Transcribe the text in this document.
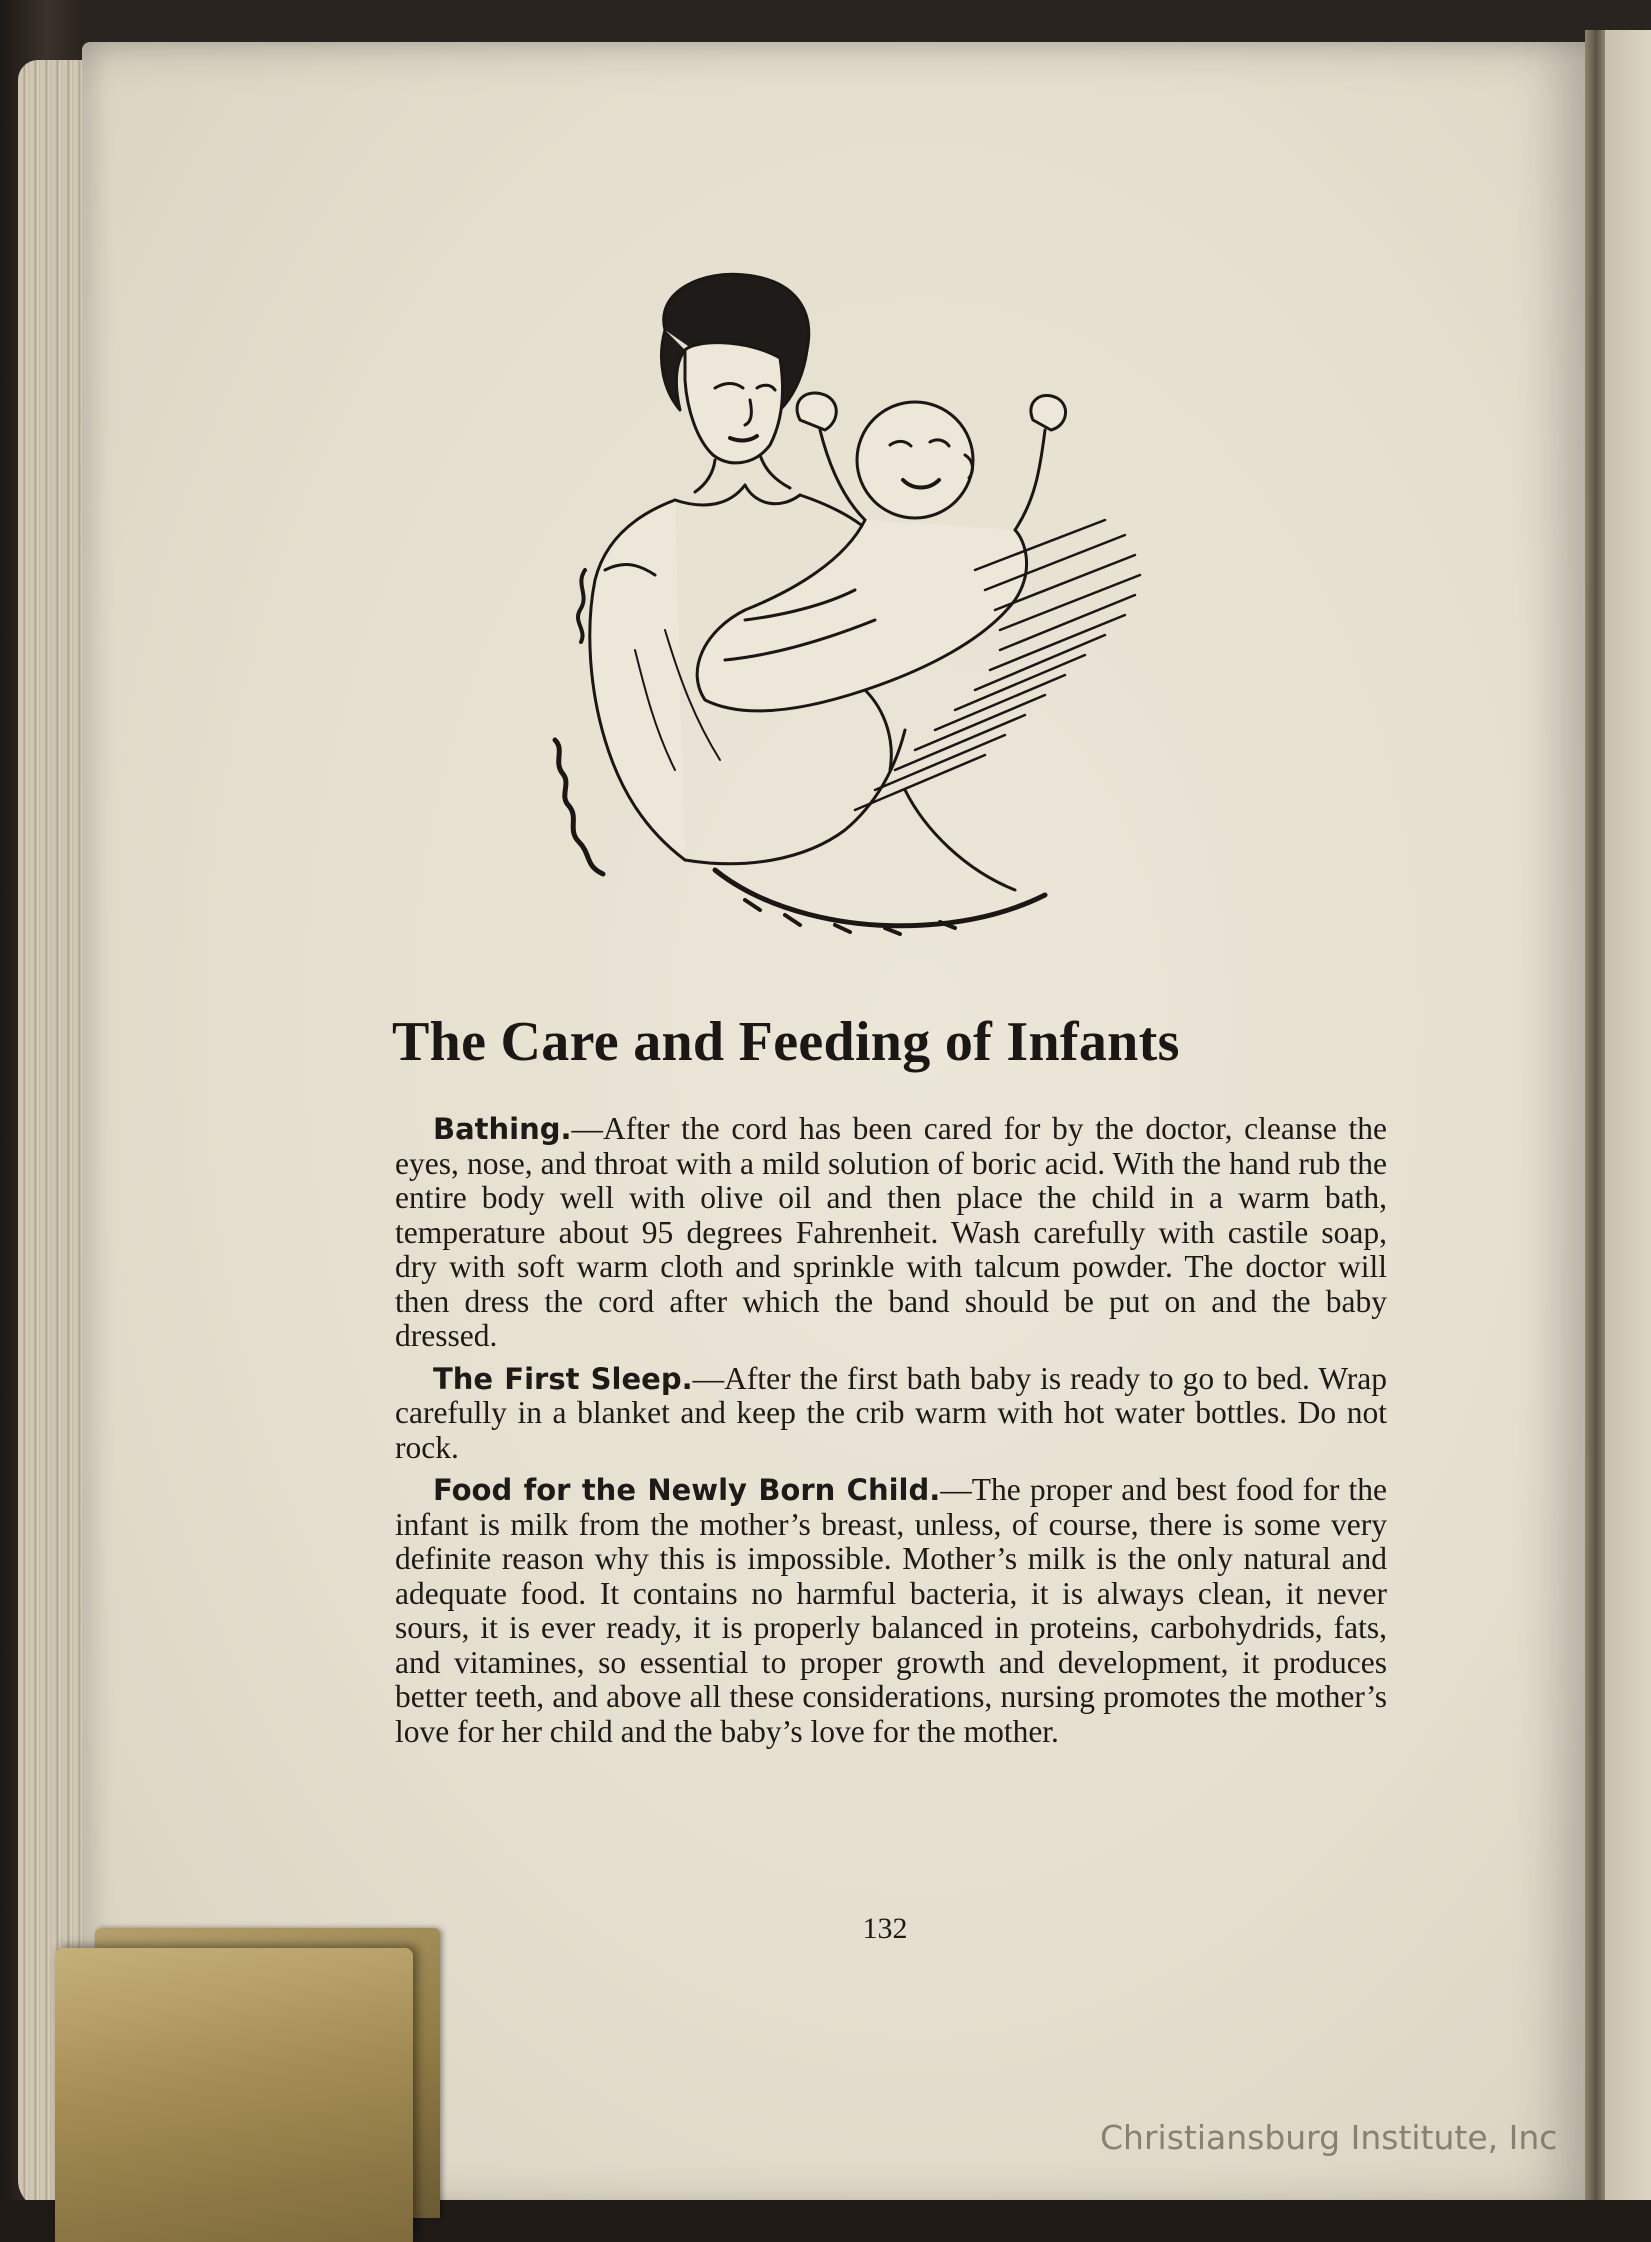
The Care and Feeding of Infants

Bathing.—After the cord has been cared for by the doctor, cleanse the eyes, nose, and throat with a mild solution of boric acid. With the hand rub the entire body well with olive oil and then place the child in a warm bath, temperature about 95 degrees Fahrenheit. Wash carefully with castile soap, dry with soft warm cloth and sprinkle with talcum powder. The doctor will then dress the cord after which the band should be put on and the baby dressed.

The First Sleep.—After the first bath baby is ready to go to bed. Wrap carefully in a blanket and keep the crib warm with hot water bottles. Do not rock.

Food for the Newly Born Child.—The proper and best food for the infant is milk from the mother’s breast, unless, of course, there is some very definite reason why this is impossible. Mother’s milk is the only natural and adequate food. It contains no harmful bacteria, it is always clean, it never sours, it is ever ready, it is properly balanced in proteins, carbohydrids, fats, and vitamines, so essential to proper growth and development, it produces better teeth, and above all these considerations, nursing promotes the mother’s love for her child and the baby’s love for the mother.

132
Christiansburg Institute, Inc
